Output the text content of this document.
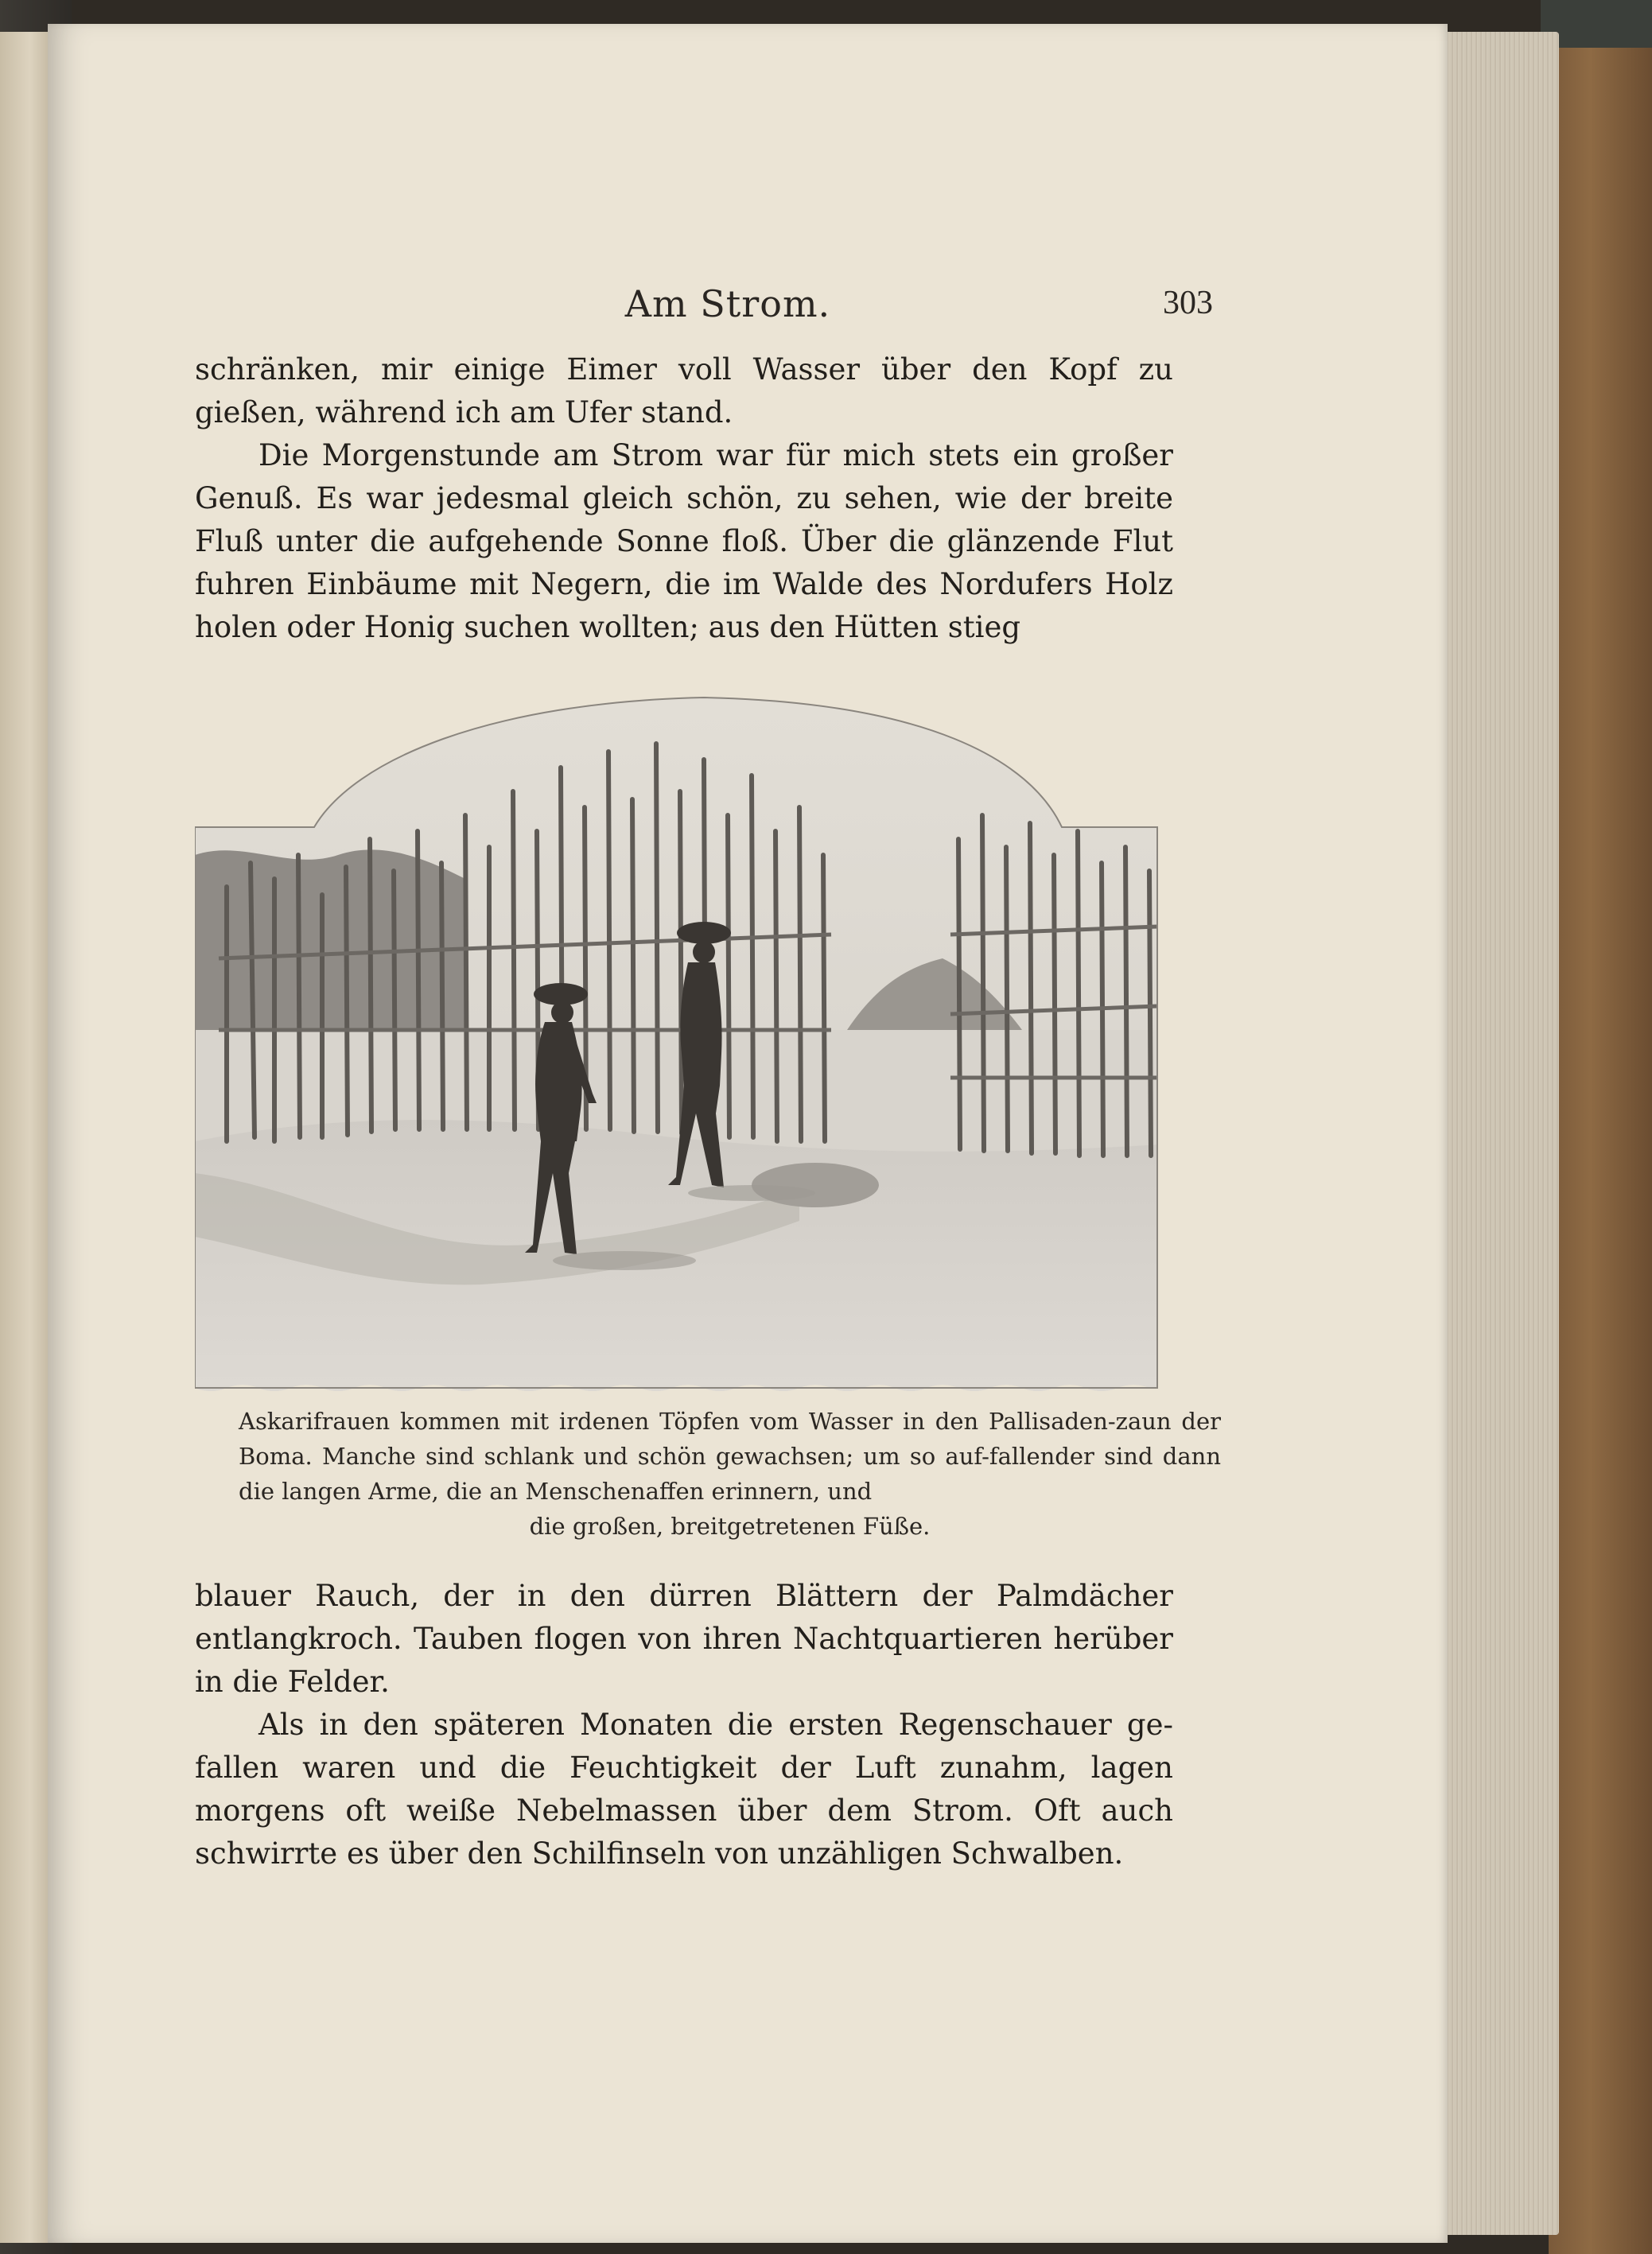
Am Strom.	303

schränken, mir einige Eimer voll Wasser über den Kopf zu gießen, während ich am Ufer stand.

Die Morgenstunde am Strom war für mich stets ein großer Genuß. Es war jedesmal gleich schön, zu sehen, wie der breite Fluß unter die aufgehende Sonne floß. Über die glänzende Flut fuhren Einbäume mit Negern, die im Walde des Nordufers Holz holen oder Honig suchen wollten; aus den Hütten stieg

Askarifrauen kommen mit irdenen Töpfen vom Wasser in den Pallisaden-zaun der Boma. Manche sind schlank und schön gewachsen; um so auf-fallender sind dann die langen Arme, die an Menschenaffen erinnern, und
die großen, breitgetretenen Füße.

blauer Rauch, der in den dürren Blättern der Palmdächer entlangkroch. Tauben flogen von ihren Nachtquartieren herüber in die Felder.

Als in den späteren Monaten die ersten Regenschauer ge-fallen waren und die Feuchtigkeit der Luft zunahm, lagen morgens oft weiße Nebelmassen über dem Strom. Oft auch schwirrte es über den Schilfinseln von unzähligen Schwalben.
